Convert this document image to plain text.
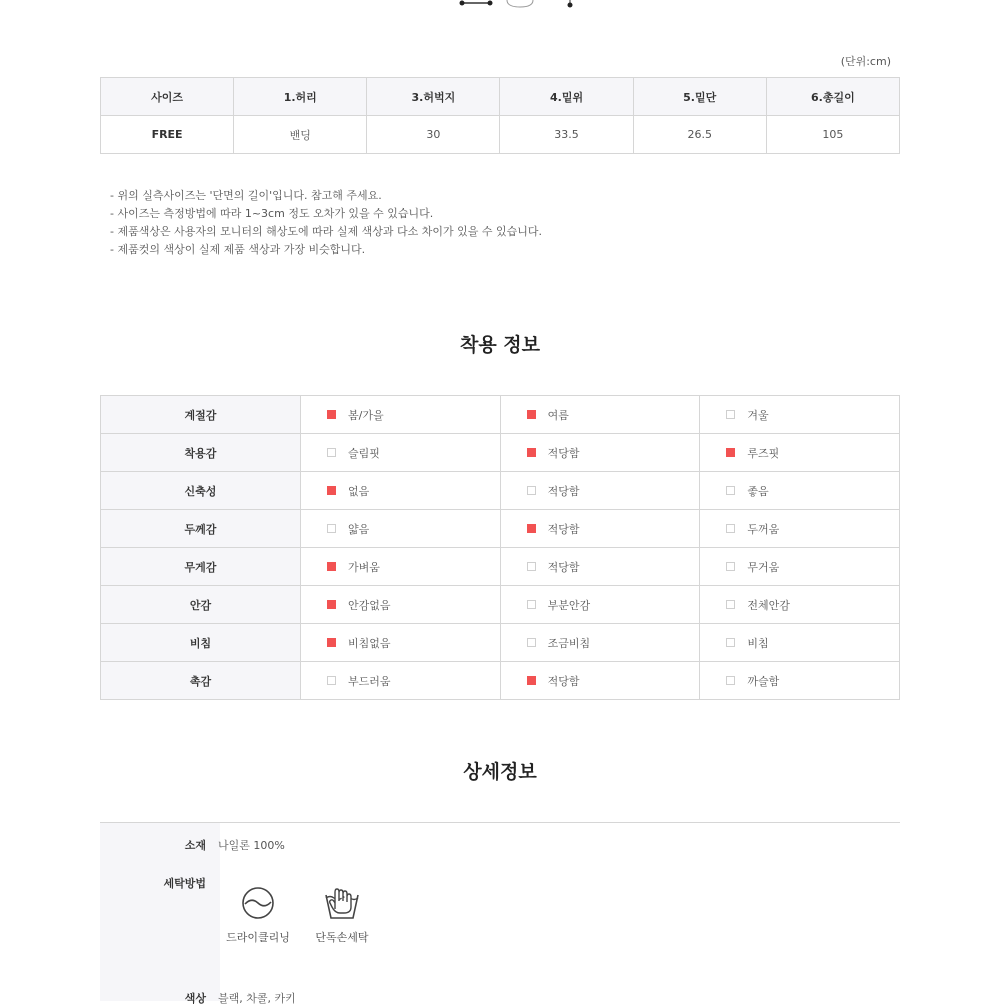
(단위:cm)
사이즈	1.허리	3.허벅지	4.밑위	5.밑단	6.총길이
FREE	밴딩	30	33.5	26.5	105
- 위의 실측사이즈는 '단면의 길이'입니다. 참고해 주세요.
- 사이즈는 측정방법에 따라 1~3cm 정도 오차가 있을 수 있습니다.
- 제품색상은 사용자의 모니터의 해상도에 따라 실제 색상과 다소 차이가 있을 수 있습니다.
- 제품컷의 색상이 실제 제품 색상과 가장 비슷합니다.
착용 정보
계절감	봄/가을	여름	겨울

착용감	슬림핏	적당함	루즈핏

신축성	없음	적당함	좋음

두께감	얇음	적당함	두꺼움

무게감	가벼움	적당함	무거움

안감	안감없음	부분안감	전체안감

비침	비침없음	조금비침	비침

촉감	부드러움	적당함	까슬함
상세정보
소재 나일론 100%
세탁방법
드라이클리닝	단독손세탁
색상 블랙, 차콜, 카키
